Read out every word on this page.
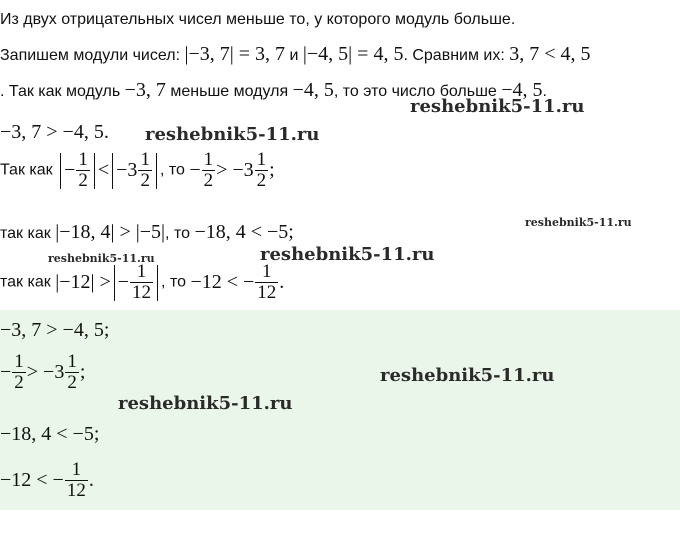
Из двух отрицательных чисел меньше то, у которого модуль больше.
Запишем модули чисел: |−3, 7| = 3, 7 и |−4, 5| = 4, 5. Сравним их: 3, 7 < 4, 5
. Так как модуль −3, 7 меньше модуля −4, 5, то это число больше −4, 5.
−3, 7 > −4, 5.
Так как − $\frac{1}{2} < -3 \frac{1}{2}$ , то − $\frac{1}{2} > -3 \frac{1}{2}$ ;
так как |−18, 4| > |−5|, то −18, 4 < −5;
так как |−12| > − $\frac{1}{12}$ , то −12 < − $\frac{1}{12}$ .
−3, 7 > −4, 5;
− $\frac{1}{2} > -3 \frac{1}{2}$ ;
−18, 4 < −5;
−12 < − $\frac{1}{12}$ .
reshebnik5-11.ru
reshebnik5-11.ru
reshebnik5-11.ru
reshebnik5-11.ru
reshebnik5-11.ru
reshebnik5-11.ru
reshebnik5-11.ru
